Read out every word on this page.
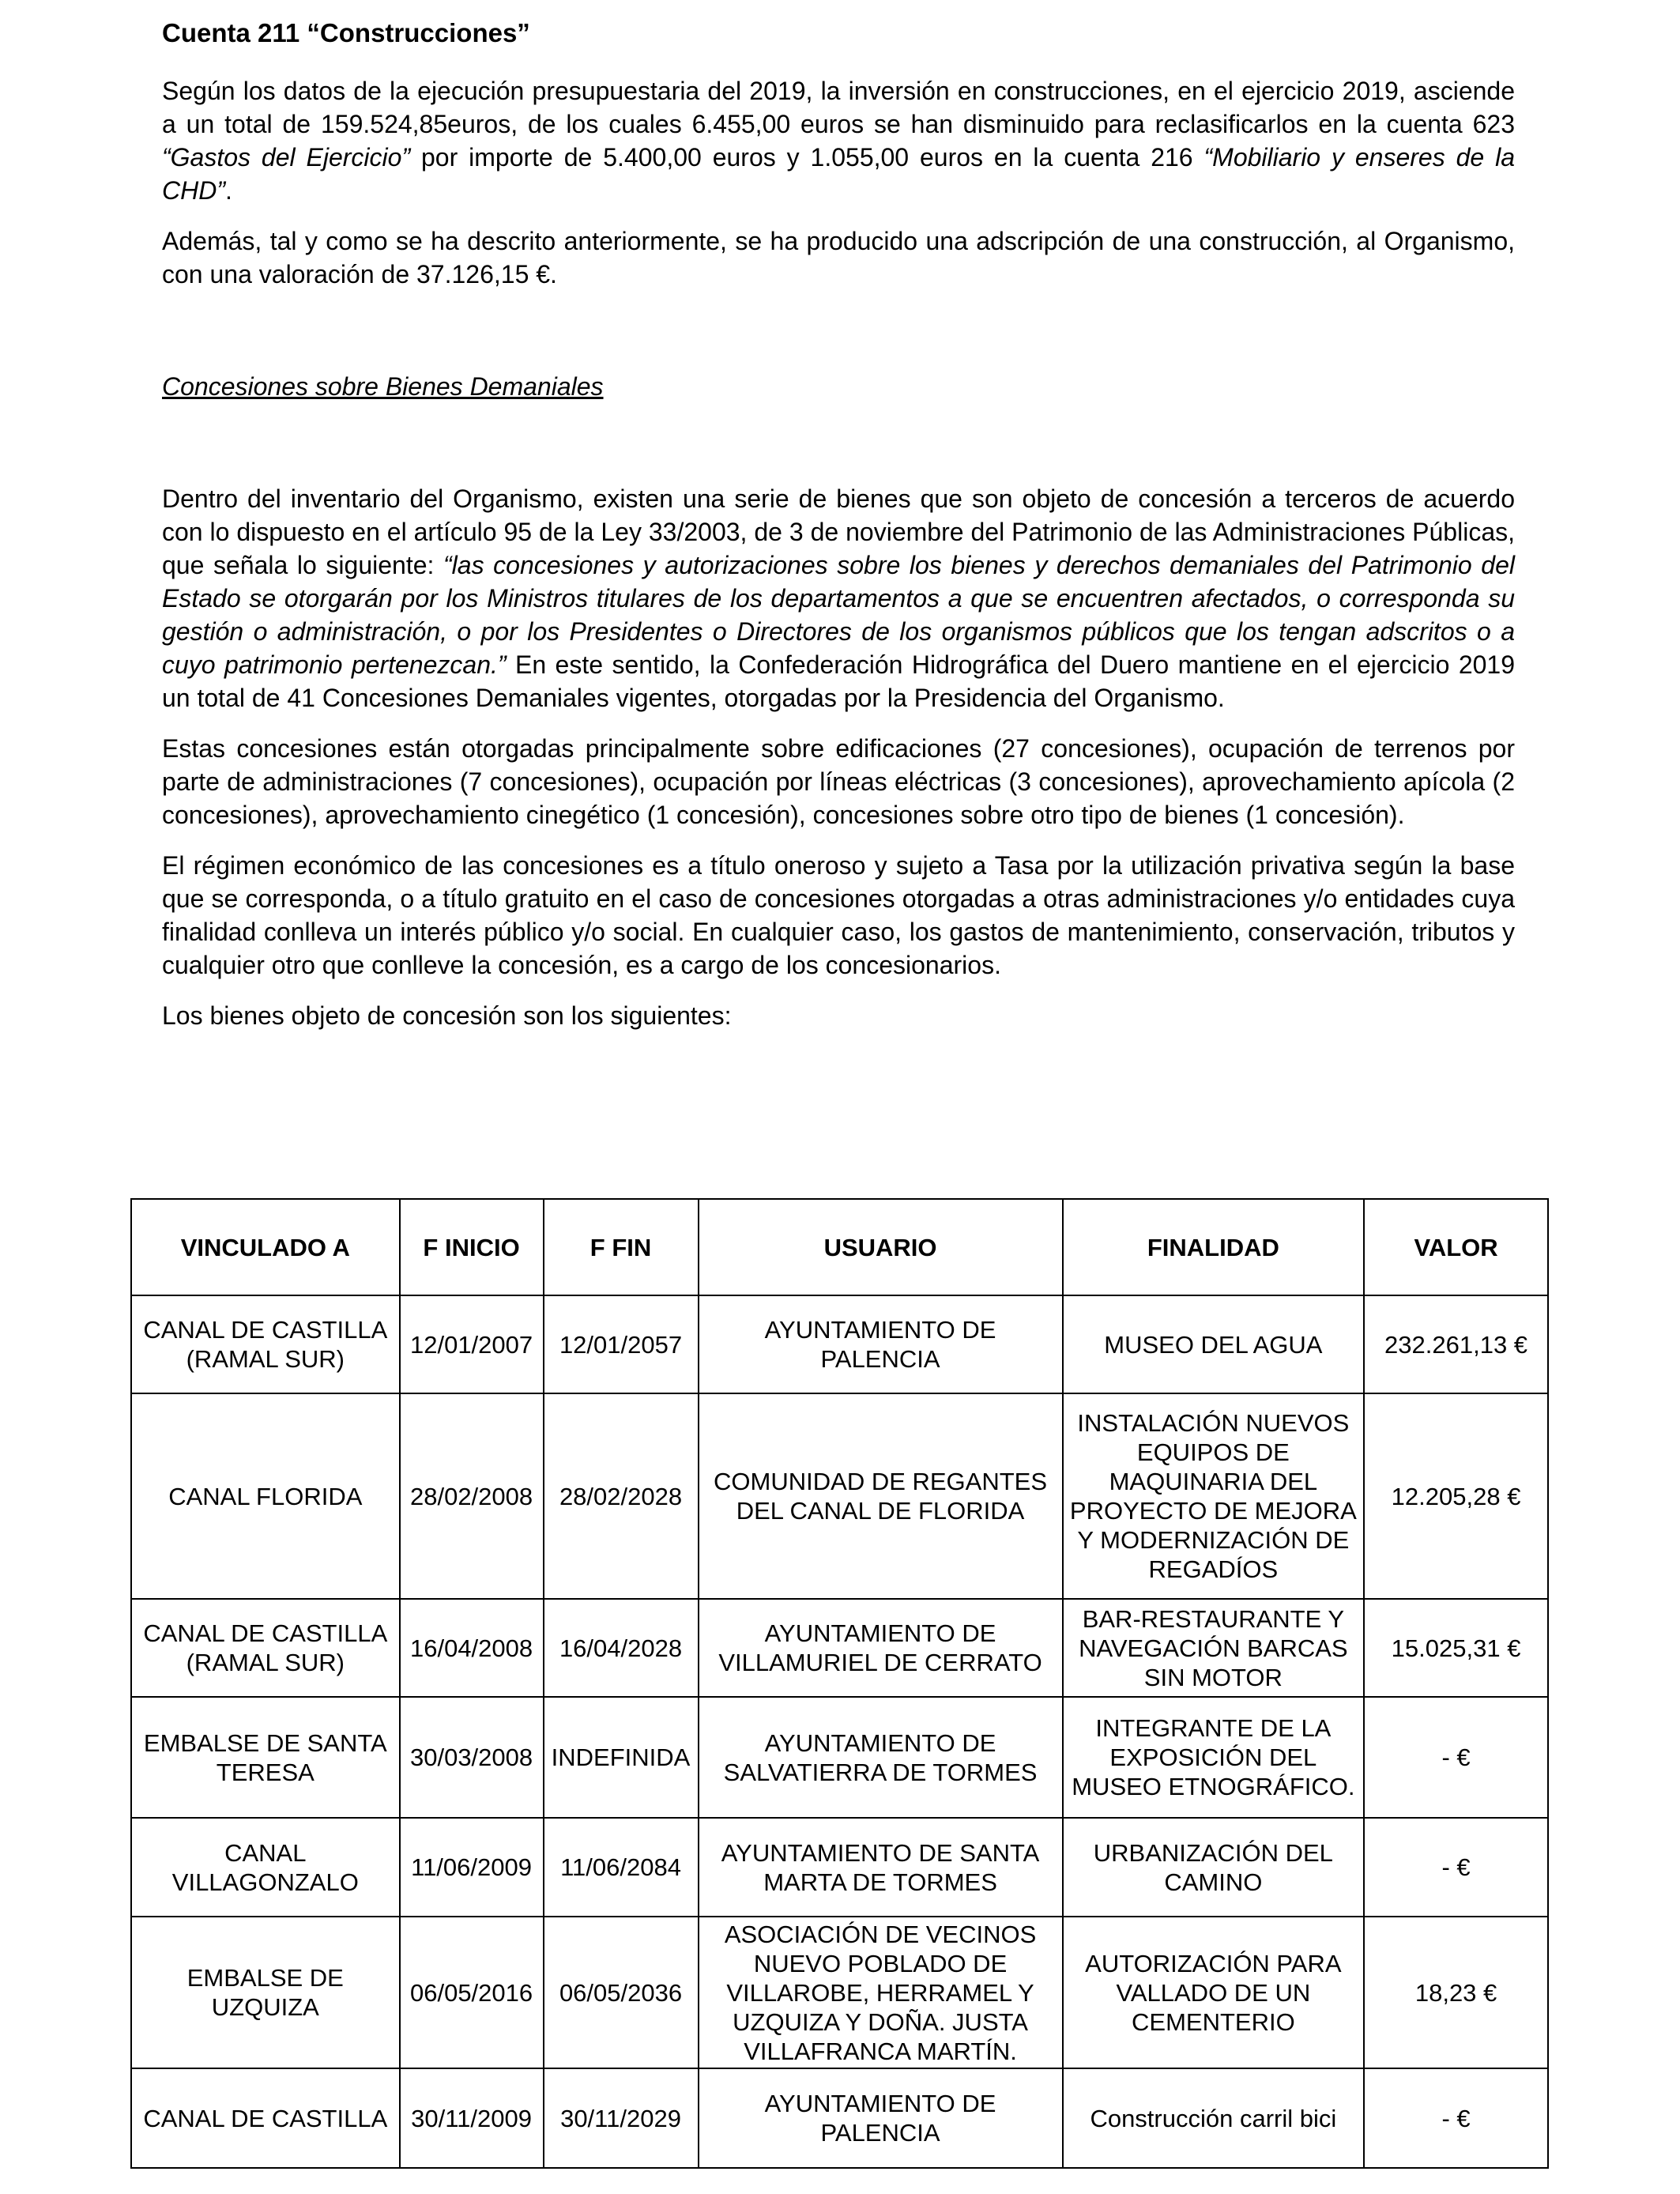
Cuenta 211 “Construcciones”

Según los datos de la ejecución presupuestaria del 2019, la inversión en construcciones, en el ejercicio 2019, asciende a un total de 159.524,85euros, de los cuales 6.455,00 euros se han disminuido para reclasificarlos en la cuenta 623 “Gastos del Ejercicio” por importe de 5.400,00 euros y 1.055,00 euros en la cuenta 216 “Mobiliario y enseres de la CHD”.

Además, tal y como se ha descrito anteriormente, se ha producido una adscripción de una construcción, al Organismo, con una valoración de 37.126,15 €.

Concesiones sobre Bienes Demaniales

Dentro del inventario del Organismo, existen una serie de bienes que son objeto de concesión a terceros de acuerdo con lo dispuesto en el artículo 95 de la Ley 33/2003, de 3 de noviembre del Patrimonio de las Administraciones Públicas, que señala lo siguiente: “las concesiones y autorizaciones sobre los bienes y derechos demaniales del Patrimonio del Estado se otorgarán por los Ministros titulares de los departamentos a que se encuentren afectados, o corresponda su gestión o administración, o por los Presidentes o Directores de los organismos públicos que los tengan adscritos o a cuyo patrimonio pertenezcan.” En este sentido, la Confederación Hidrográfica del Duero mantiene en el ejercicio 2019 un total de 41 Concesiones Demaniales vigentes, otorgadas por la Presidencia del Organismo.

Estas concesiones están otorgadas principalmente sobre edificaciones (27 concesiones), ocupación de terrenos por parte de administraciones (7 concesiones), ocupación por líneas eléctricas (3 concesiones), aprovechamiento apícola (2 concesiones), aprovechamiento cinegético (1 concesión), concesiones sobre otro tipo de bienes (1 concesión).

El régimen económico de las concesiones es a título oneroso y sujeto a Tasa por la utilización privativa según la base que se corresponda, o a título gratuito en el caso de concesiones otorgadas a otras administraciones y/o entidades cuya finalidad conlleva un interés público y/o social. En cualquier caso, los gastos de mantenimiento, conservación, tributos y cualquier otro que conlleve la concesión, es a cargo de los concesionarios.

Los bienes objeto de concesión son los siguientes:

VINCULADO A	F INICIO	F FIN	USUARIO	FINALIDAD	VALOR
CANAL DE CASTILLA (RAMAL SUR)	12/01/2007	12/01/2057	AYUNTAMIENTO DE PALENCIA	MUSEO DEL AGUA	232.261,13 €
CANAL FLORIDA	28/02/2008	28/02/2028	COMUNIDAD DE REGANTES DEL CANAL DE FLORIDA	INSTALACIÓN NUEVOS EQUIPOS DE MAQUINARIA DEL PROYECTO DE MEJORA Y MODERNIZACIÓN DE REGADÍOS	12.205,28 €
CANAL DE CASTILLA (RAMAL SUR)	16/04/2008	16/04/2028	AYUNTAMIENTO DE VILLAMURIEL DE CERRATO	BAR-RESTAURANTE Y NAVEGACIÓN BARCAS SIN MOTOR	15.025,31 €
EMBALSE DE SANTA TERESA	30/03/2008	INDEFINIDA	AYUNTAMIENTO DE SALVATIERRA DE TORMES	INTEGRANTE DE LA EXPOSICIÓN DEL MUSEO ETNOGRÁFICO.	- €
CANAL VILLAGONZALO	11/06/2009	11/06/2084	AYUNTAMIENTO DE SANTA MARTA DE TORMES	URBANIZACIÓN DEL CAMINO	- €
EMBALSE DE UZQUIZA	06/05/2016	06/05/2036	ASOCIACIÓN DE VECINOS NUEVO POBLADO DE VILLAROBE, HERRAMEL Y UZQUIZA Y DOÑA. JUSTA VILLAFRANCA MARTÍN.	AUTORIZACIÓN PARA VALLADO DE UN CEMENTERIO	18,23 €
CANAL DE CASTILLA	30/11/2009	30/11/2029	AYUNTAMIENTO DE PALENCIA	Construcción carril bici	- €
